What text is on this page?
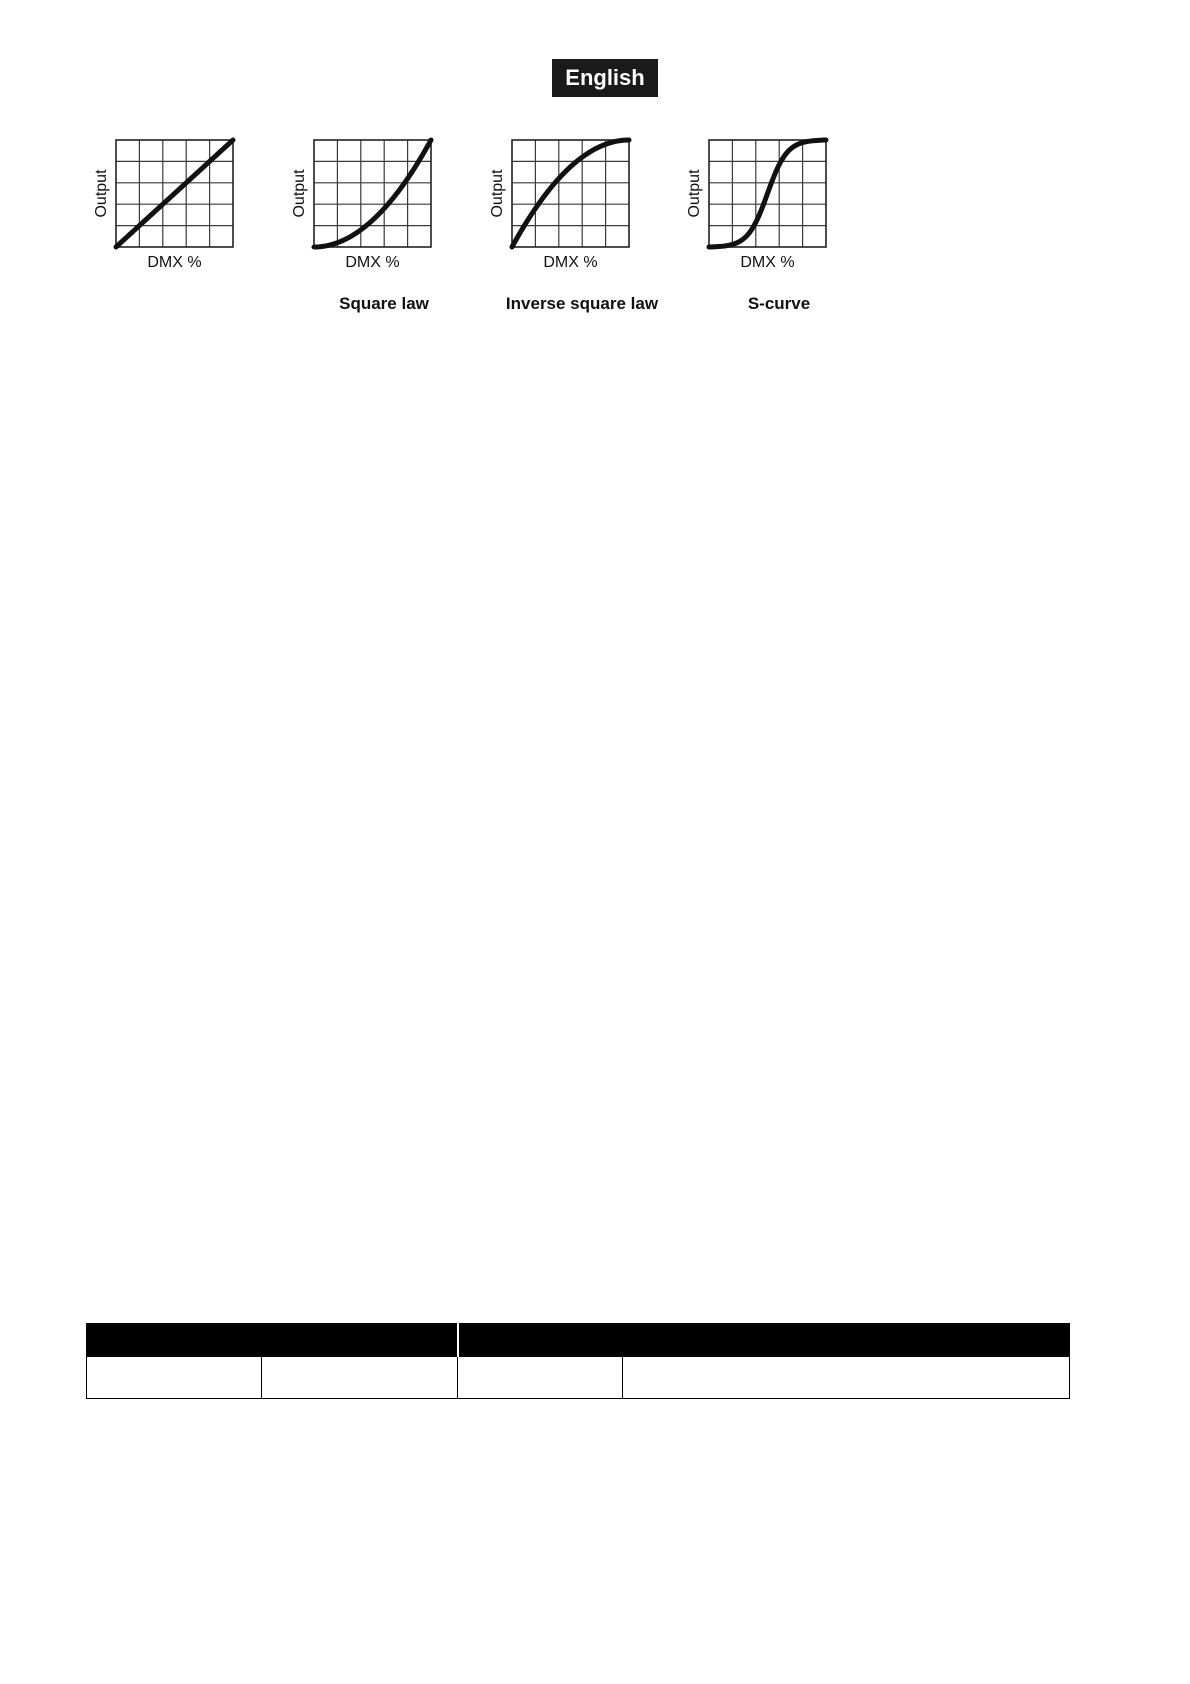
English
DMX %
Output
DMX %
Output
Square law
DMX %
Output
Inverse square law
DMX %
Output
S-curve
